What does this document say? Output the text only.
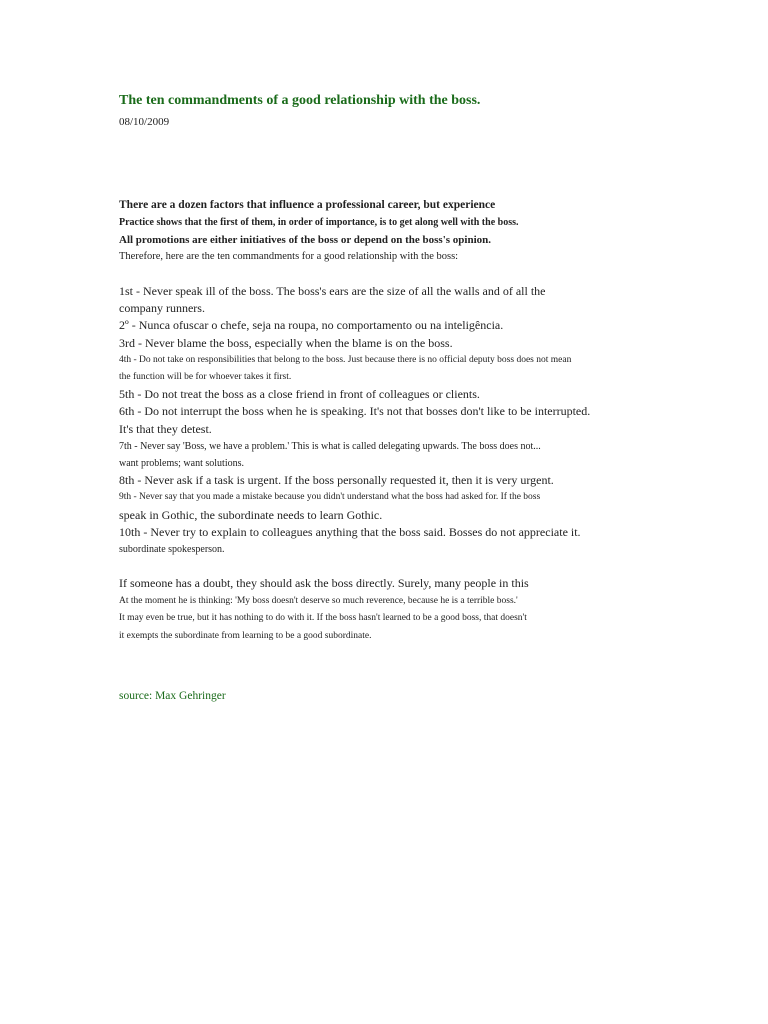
The ten commandments of a good relationship with the boss.
08/10/2009
There are a dozen factors that influence a professional career, but experience
Practice shows that the first of them, in order of importance, is to get along well with the boss.
All promotions are either initiatives of the boss or depend on the boss's opinion.
Therefore, here are the ten commandments for a good relationship with the boss:
1st - Never speak ill of the boss. The boss's ears are the size of all the walls and of all the
company runners.
2º - Nunca ofuscar o chefe, seja na roupa, no comportamento ou na inteligência.
3rd - Never blame the boss, especially when the blame is on the boss.
4th - Do not take on responsibilities that belong to the boss. Just because there is no official deputy boss does not mean
the function will be for whoever takes it first.
5th - Do not treat the boss as a close friend in front of colleagues or clients.
6th - Do not interrupt the boss when he is speaking. It's not that bosses don't like to be interrupted.
It's that they detest.
7th - Never say 'Boss, we have a problem.' This is what is called delegating upwards. The boss does not...
want problems; want solutions.
8th - Never ask if a task is urgent. If the boss personally requested it, then it is very urgent.
9th - Never say that you made a mistake because you didn't understand what the boss had asked for. If the boss
speak in Gothic, the subordinate needs to learn Gothic.
10th - Never try to explain to colleagues anything that the boss said. Bosses do not appreciate it.
subordinate spokesperson.
If someone has a doubt, they should ask the boss directly. Surely, many people in this
At the moment he is thinking: 'My boss doesn't deserve so much reverence, because he is a terrible boss.'
It may even be true, but it has nothing to do with it. If the boss hasn't learned to be a good boss, that doesn't
it exempts the subordinate from learning to be a good subordinate.
source: Max Gehringer
